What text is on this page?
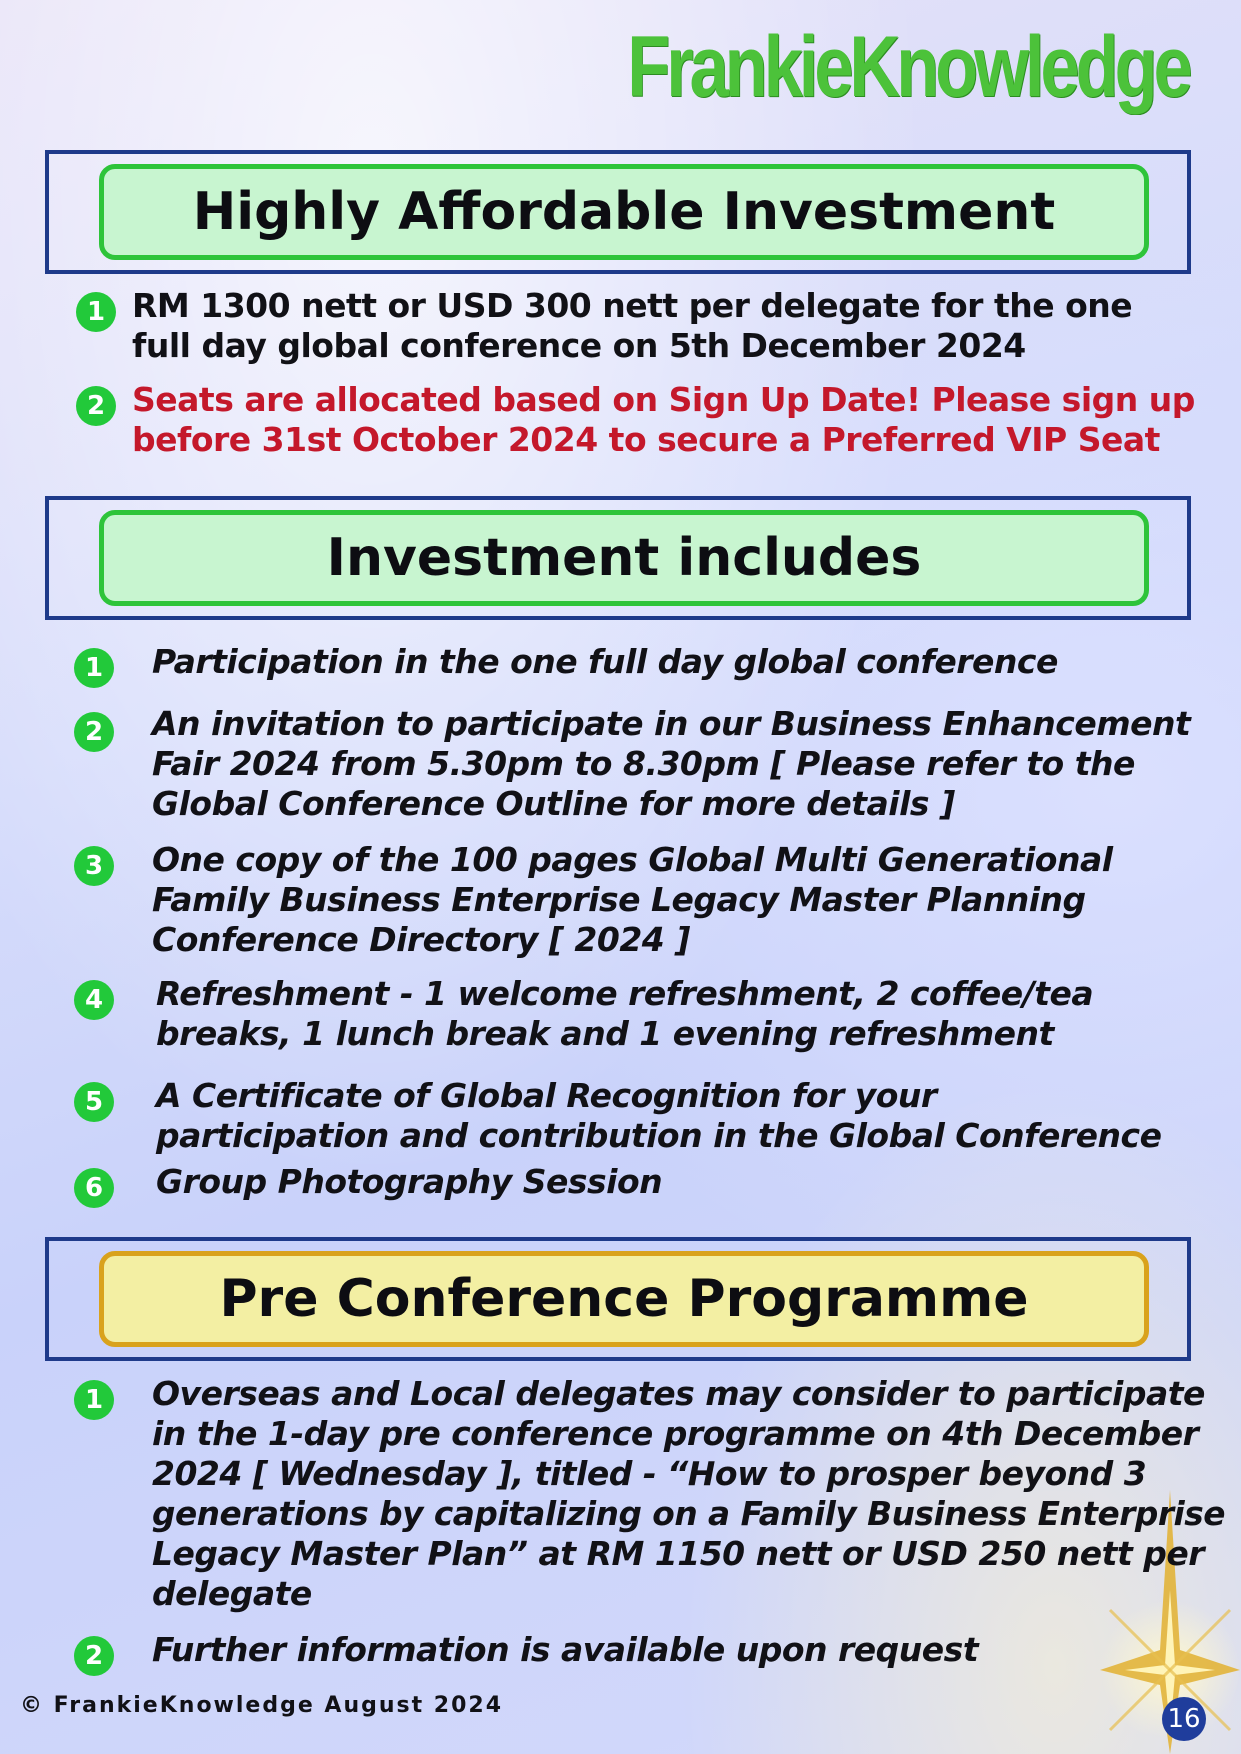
FrankieKnowledge
Highly Affordable Investment
1 RM 1300 nett or USD 300 nett per delegate for the one
full day global conference on 5th December 2024
2 Seats are allocated based on Sign Up Date! Please sign up
before 31st October 2024 to secure a Preferred VIP Seat
Investment includes
1	Participation in the one full day global conference
2	An invitation to participate in our Business Enhancement
Fair 2024 from 5.30pm to 8.30pm [ Please refer to the
Global Conference Outline for more details ]
3	One copy of the 100 pages Global Multi Generational
Family Business Enterprise Legacy Master Planning
Conference Directory [ 2024 ]
4	Refreshment - 1 welcome refreshment, 2 coffee/tea
breaks, 1 lunch break and 1 evening refreshment
5	A Certificate of Global Recognition for your
participation and contribution in the Global Conference
6	Group Photography Session
Pre Conference Programme
1	Overseas and Local delegates may consider to participate
in the 1-day pre conference programme on 4th December
2024 [ Wednesday ], titled - “How to prosper beyond 3
generations by capitalizing on a Family Business Enterprise
Legacy Master Plan” at RM 1150 nett or USD 250 nett per
delegate
2	Further information is available upon request
© FrankieKnowledge August 2024	16
